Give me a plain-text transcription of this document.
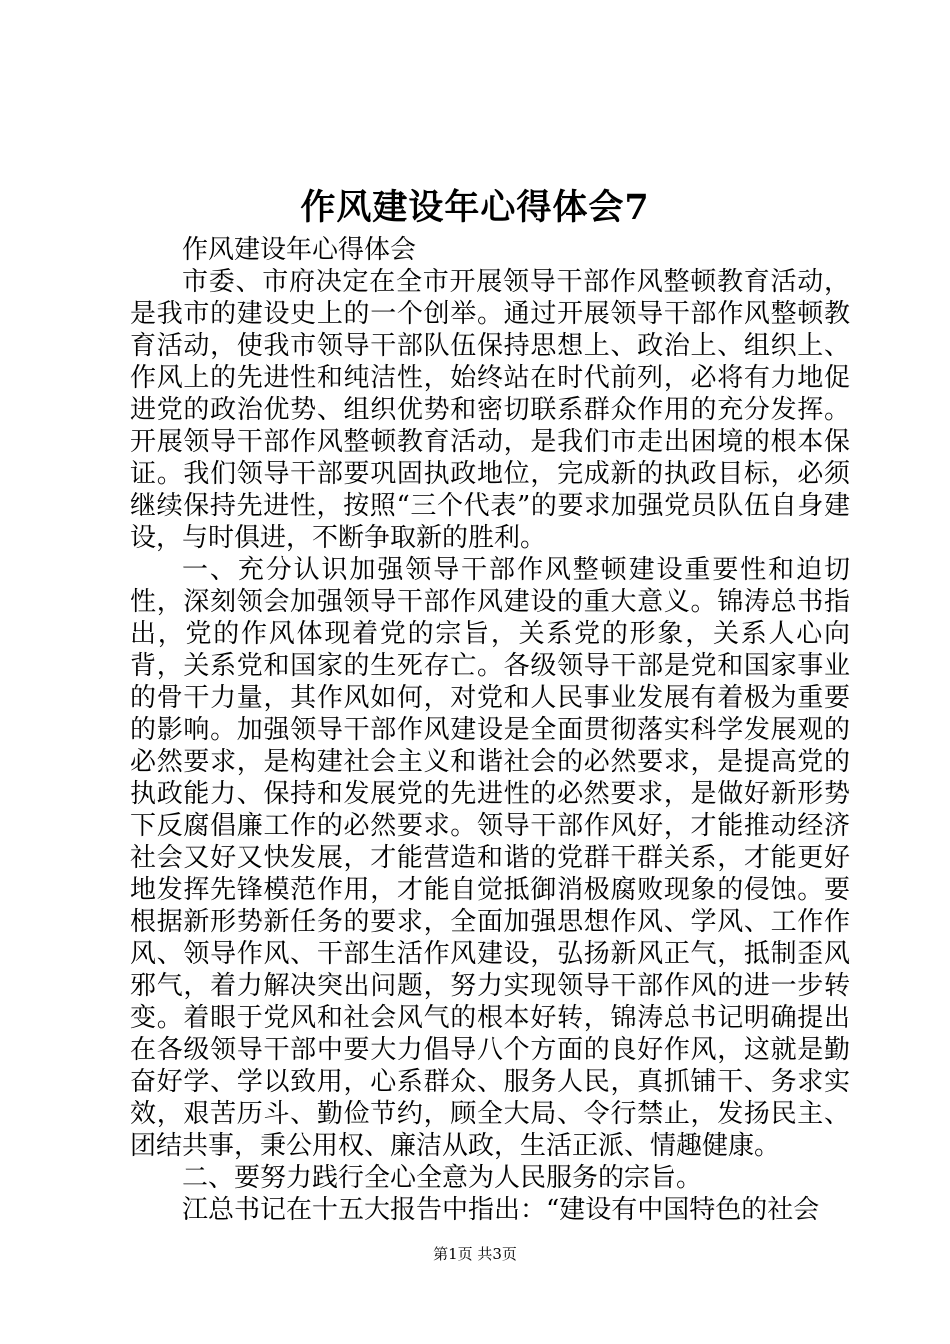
作风建设年心得体会7

作风建设年心得体会

市委、市府决定在全市开展领导干部作风整顿教育活动，是我市的建设史上的一个创举。通过开展领导干部作风整顿教育活动，使我市领导干部队伍保持思想上、政治上、组织上、作风上的先进性和纯洁性，始终站在时代前列，必将有力地促进党的政治优势、组织优势和密切联系群众作用的充分发挥。开展领导干部作风整顿教育活动，是我们市走出困境的根本保证。我们领导干部要巩固执政地位，完成新的执政目标，必须继续保持先进性，按照“三个代表”的要求加强党员队伍自身建设，与时俱进，不断争取新的胜利。

一、充分认识加强领导干部作风整顿建设重要性和迫切性，深刻领会加强领导干部作风建设的重大意义。锦涛总书指出，党的作风体现着党的宗旨，关系党的形象，关系人心向背，关系党和国家的生死存亡。各级领导干部是党和国家事业的骨干力量，其作风如何，对党和人民事业发展有着极为重要的影响。加强领导干部作风建设是全面贯彻落实科学发展观的必然要求，是构建社会主义和谐社会的必然要求，是提高党的执政能力、保持和发展党的先进性的必然要求，是做好新形势下反腐倡廉工作的必然要求。领导干部作风好，才能推动经济社会又好又快发展，才能营造和谐的党群干群关系，才能更好地发挥先锋模范作用，才能自觉抵御消极腐败现象的侵蚀。要根据新形势新任务的要求，全面加强思想作风、学风、工作作风、领导作风、干部生活作风建设，弘扬新风正气，抵制歪风邪气，着力解决突出问题，努力实现领导干部作风的进一步转变。着眼于党风和社会风气的根本好转，锦涛总书记明确提出在各级领导干部中要大力倡导八个方面的良好作风，这就是勤奋好学、学以致用，心系群众、服务人民，真抓铺干、务求实效，艰苦历斗、勤俭节约，顾全大局、令行禁止，发扬民主、团结共事，秉公用权、廉洁从政，生活正派、情趣健康。

二、要努力践行全心全意为人民服务的宗旨。

江总书记在十五大报告中指出：“建设有中国特色的社会

第1页 共3页
